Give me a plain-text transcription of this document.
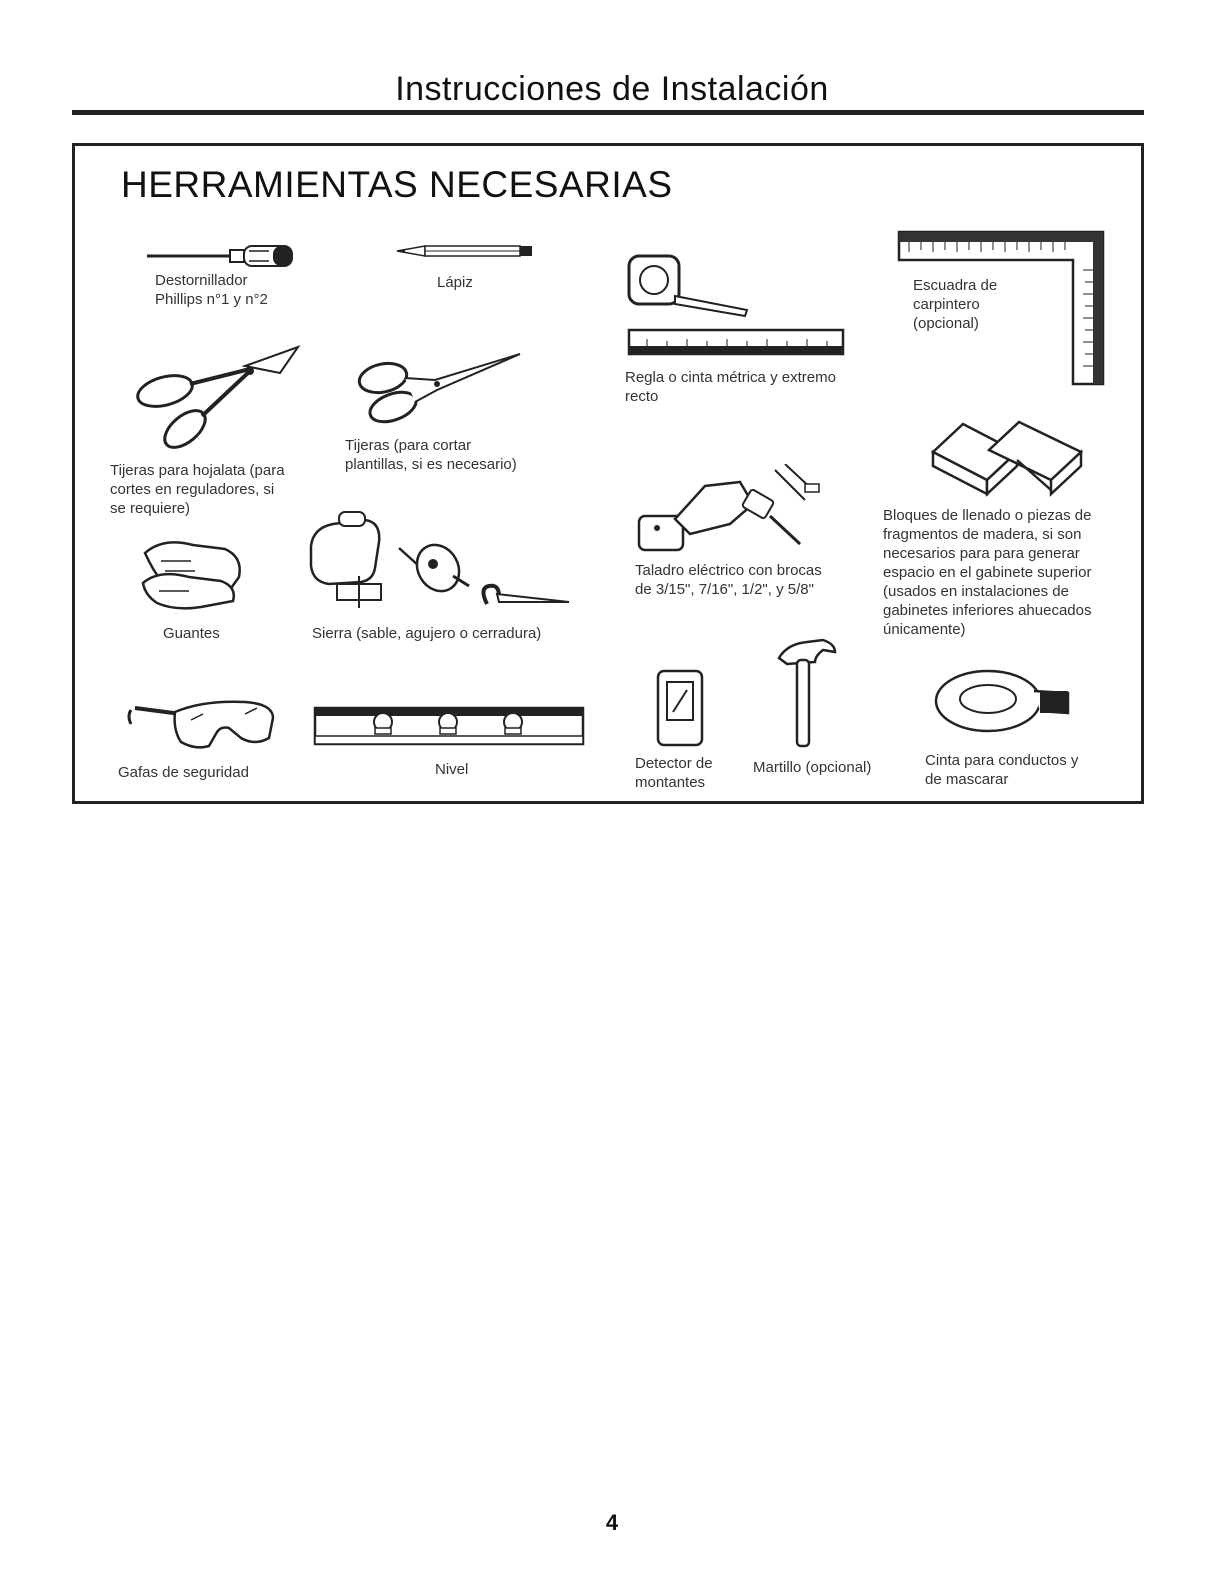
Instrucciones de Instalación
HERRAMIENTAS NECESARIAS
Destornillador
Phillips n°1 y n°2
Lápiz
Regla o cinta métrica y extremo
recto
Escuadra de
carpintero
(opcional)
Tijeras para hojalata (para
cortes en reguladores, si
se requiere)
Tijeras (para cortar
plantillas, si es necesario)
Taladro eléctrico con brocas
de 3/15", 7/16", 1/2", y 5/8"
Bloques de llenado o piezas de
fragmentos de madera, si son
necesarios para para generar
espacio en el gabinete superior
(usados en instalaciones de
gabinetes inferiores ahuecados
únicamente)
Guantes	Sierra (sable, agujero o cerradura)
Martillo (opcional)
Detector de
montantes
Cinta para conductos y
de mascarar
Gafas de seguridad	Nivel
4
